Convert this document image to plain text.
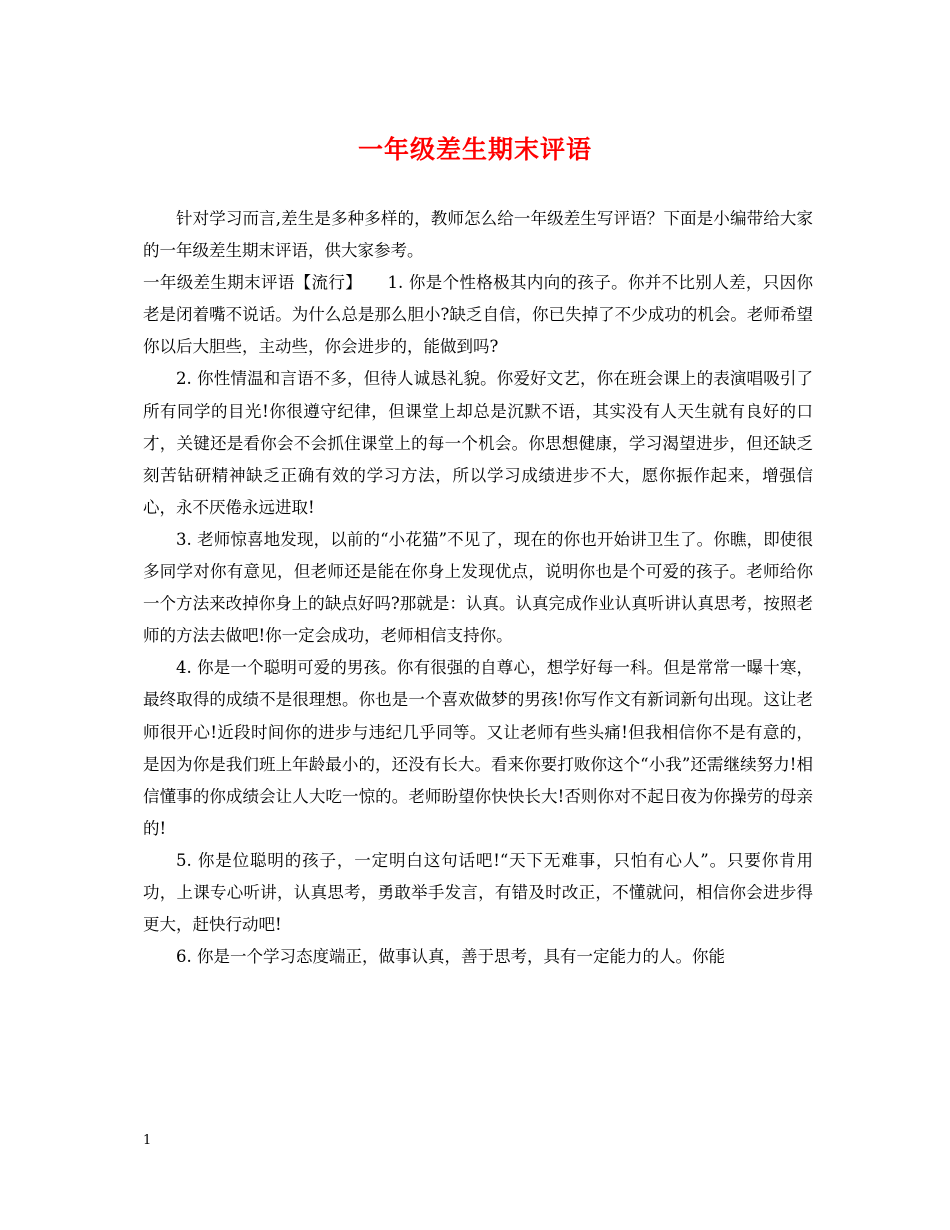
一年级差生期末评语

针对学习而言,差生是多种多样的，教师怎么给一年级差生写评语？下面是小编带给大家的一年级差生期末评语，供大家参考。

一年级差生期末评语【流行】　　1. 你是个性格极其内向的孩子。你并不比别人差，只因你老是闭着嘴不说话。为什么总是那么胆小?缺乏自信，你已失掉了不少成功的机会。老师希望你以后大胆些，主动些，你会进步的，能做到吗?

2. 你性情温和言语不多，但待人诚恳礼貌。你爱好文艺，你在班会课上的表演唱吸引了所有同学的目光!你很遵守纪律，但课堂上却总是沉默不语，其实没有人天生就有良好的口才，关键还是看你会不会抓住课堂上的每一个机会。你思想健康，学习渴望进步，但还缺乏刻苦钻研精神缺乏正确有效的学习方法，所以学习成绩进步不大，愿你振作起来，增强信心，永不厌倦永远进取!

3. 老师惊喜地发现，以前的“小花猫”不见了，现在的你也开始讲卫生了。你瞧，即使很多同学对你有意见，但老师还是能在你身上发现优点，说明你也是个可爱的孩子。老师给你一个方法来改掉你身上的缺点好吗?那就是：认真。认真完成作业认真听讲认真思考，按照老师的方法去做吧!你一定会成功，老师相信支持你。

4. 你是一个聪明可爱的男孩。你有很强的自尊心，想学好每一科。但是常常一曝十寒，最终取得的成绩不是很理想。你也是一个喜欢做梦的男孩!你写作文有新词新句出现。这让老师很开心!近段时间你的进步与违纪几乎同等。又让老师有些头痛!但我相信你不是有意的，是因为你是我们班上年龄最小的，还没有长大。看来你要打败你这个“小我”还需继续努力!相信懂事的你成绩会让人大吃一惊的。老师盼望你快快长大!否则你对不起日夜为你操劳的母亲的!

5. 你是位聪明的孩子，一定明白这句话吧!“天下无难事，只怕有心人”。只要你肯用功，上课专心听讲，认真思考，勇敢举手发言，有错及时改正，不懂就问，相信你会进步得更大，赶快行动吧!

6. 你是一个学习态度端正，做事认真，善于思考，具有一定能力的人。你能

1
